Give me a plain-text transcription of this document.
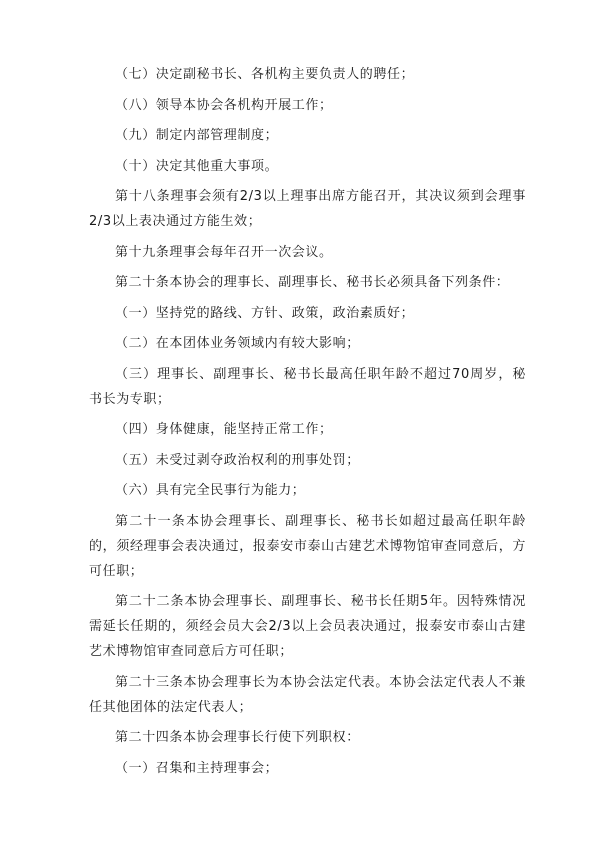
（七）决定副秘书长、各机构主要负责人的聘任；

（八）领导本协会各机构开展工作；

（九）制定内部管理制度；

（十）决定其他重大事项。

第十八条理事会须有2/3以上理事出席方能召开，其决议须到会理事2/3以上表决通过方能生效；

第十九条理事会每年召开一次会议。

第二十条本协会的理事长、副理事长、秘书长必须具备下列条件：

（一）坚持党的路线、方针、政策，政治素质好；

（二）在本团体业务领域内有较大影响；

（三）理事长、副理事长、秘书长最高任职年龄不超过70周岁，秘书长为专职；

（四）身体健康，能坚持正常工作；

（五）未受过剥夺政治权利的刑事处罚；

（六）具有完全民事行为能力；

第二十一条本协会理事长、副理事长、秘书长如超过最高任职年龄的，须经理事会表决通过，报泰安市泰山古建艺术博物馆审查同意后，方可任职；

第二十二条本协会理事长、副理事长、秘书长任期5年。因特殊情况需延长任期的，须经会员大会2/3以上会员表决通过，报泰安市泰山古建艺术博物馆审查同意后方可任职；

第二十三条本协会理事长为本协会法定代表。本协会法定代表人不兼任其他团体的法定代表人；

第二十四条本协会理事长行使下列职权：

（一）召集和主持理事会；
